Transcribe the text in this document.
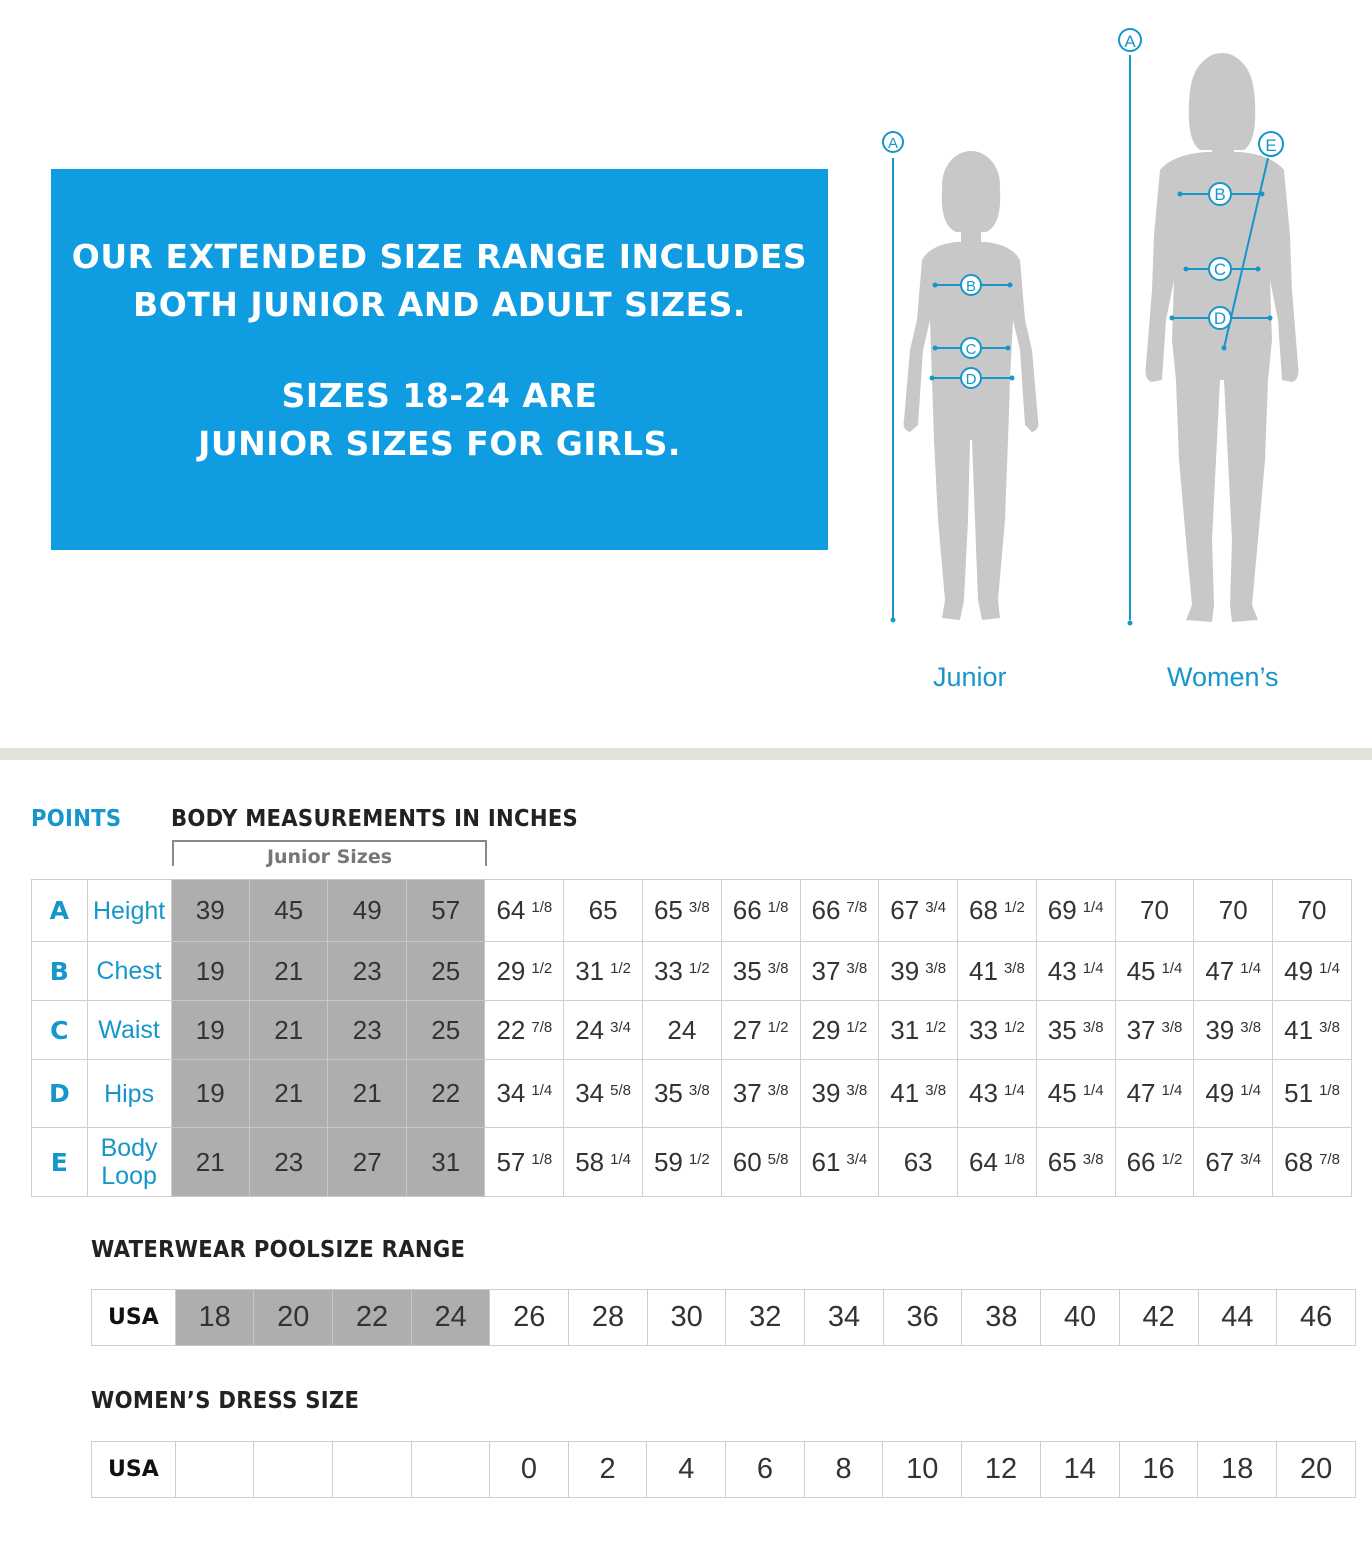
OUR EXTENDED SIZE RANGE INCLUDES
BOTH JUNIOR AND ADULT SIZES.
SIZES 18-24 ARE
JUNIOR SIZES FOR GIRLS.
A
B
C
D
A
B
C
D
E
Junior	Women’s
POINTS BODY MEASUREMENTS IN INCHES
Junior Sizes
A	Height	39	45	49	57	64 $^{1/8}$	65	65 $^{3/8}$	66 $^{1/8}$	66 $^{7/8}$	67 $^{3/4}$	68 $^{1/2}$	69 $^{1/4}$	70	70	70
B	Chest	19	21	23	25	29 $^{1/2}$	31 $^{1/2}$	33 $^{1/2}$	35 $^{3/8}$	37 $^{3/8}$	39 $^{3/8}$	41 $^{3/8}$	43 $^{1/4}$	45 $^{1/4}$	47 $^{1/4}$	49 $^{1/4}$
C	Waist	19	21	23	25	22 $^{7/8}$	24 $^{3/4}$	24	27 $^{1/2}$	29 $^{1/2}$	31 $^{1/2}$	33 $^{1/2}$	35 $^{3/8}$	37 $^{3/8}$	39 $^{3/8}$	41 $^{3/8}$
D	Hips	19	21	21	22	34 $^{1/4}$	34 $^{5/8}$	35 $^{3/8}$	37 $^{3/8}$	39 $^{3/8}$	41 $^{3/8}$	43 $^{1/4}$	45 $^{1/4}$	47 $^{1/4}$	49 $^{1/4}$	51 $^{1/8}$
E	Body Loop	21	23	27	31	57 $^{1/8}$	58 $^{1/4}$	59 $^{1/2}$	60 $^{5/8}$	61 $^{3/4}$	63	64 $^{1/8}$	65 $^{3/8}$	66 $^{1/2}$	67 $^{3/4}$	68 $^{7/8}$
WATERWEAR POOLSIZE RANGE
USA	18	20	22	24	26	28	30	32	34	36	38	40	42	44	46
WOMEN’S DRESS SIZE
USA					0	2	4	6	8	10	12	14	16	18	20
